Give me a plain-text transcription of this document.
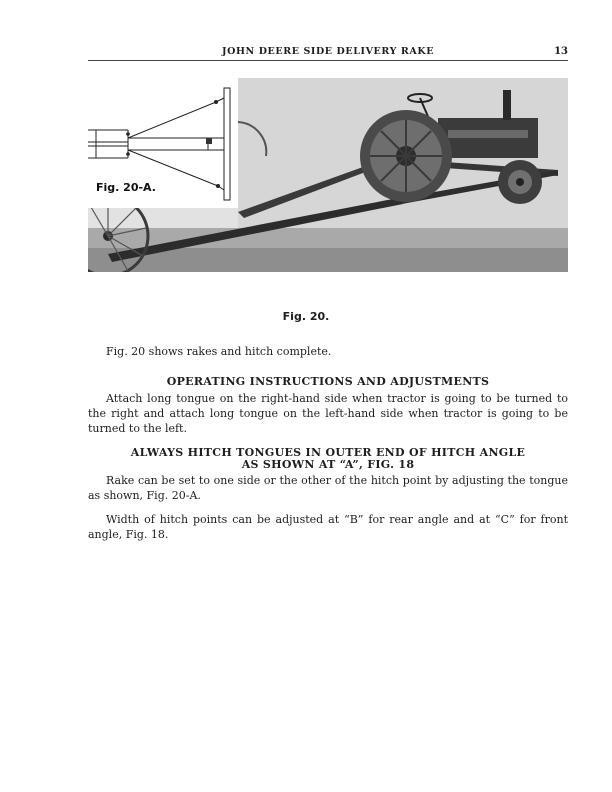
JOHN DEERE SIDE DELIVERY RAKE	13
Fig. 20-A.
Fig. 20.

Fig. 20 shows rakes and hitch complete.

OPERATING INSTRUCTIONS AND ADJUSTMENTS

Attach long tongue on the right-hand side when tractor is going to be turned to the right and attach long tongue on the left-hand side when tractor is going to be turned to the left.

ALWAYS HITCH TONGUES IN OUTER END OF HITCH ANGLE
AS SHOWN AT “A”, FIG. 18

Rake can be set to one side or the other of the hitch point by adjusting the tongue as shown, Fig. 20-A.

Width of hitch points can be adjusted at “B” for rear angle and at “C” for front angle, Fig. 18.
